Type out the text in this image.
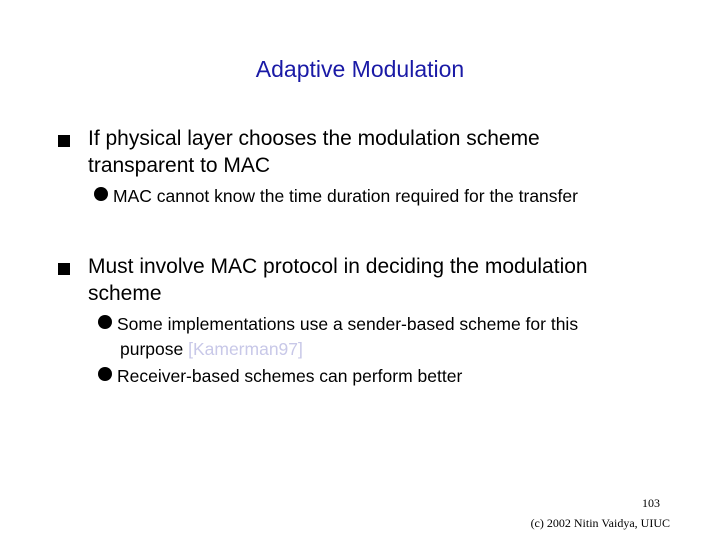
Adaptive Modulation
If physical layer chooses the modulation scheme
transparent to MAC
MAC cannot know the time duration required for the transfer
Must involve MAC protocol in deciding the modulation
scheme
Some implementations use a sender-based scheme for this
purpose [Kamerman97]
Receiver-based schemes can perform better
103
(c) 2002 Nitin Vaidya, UIUC
